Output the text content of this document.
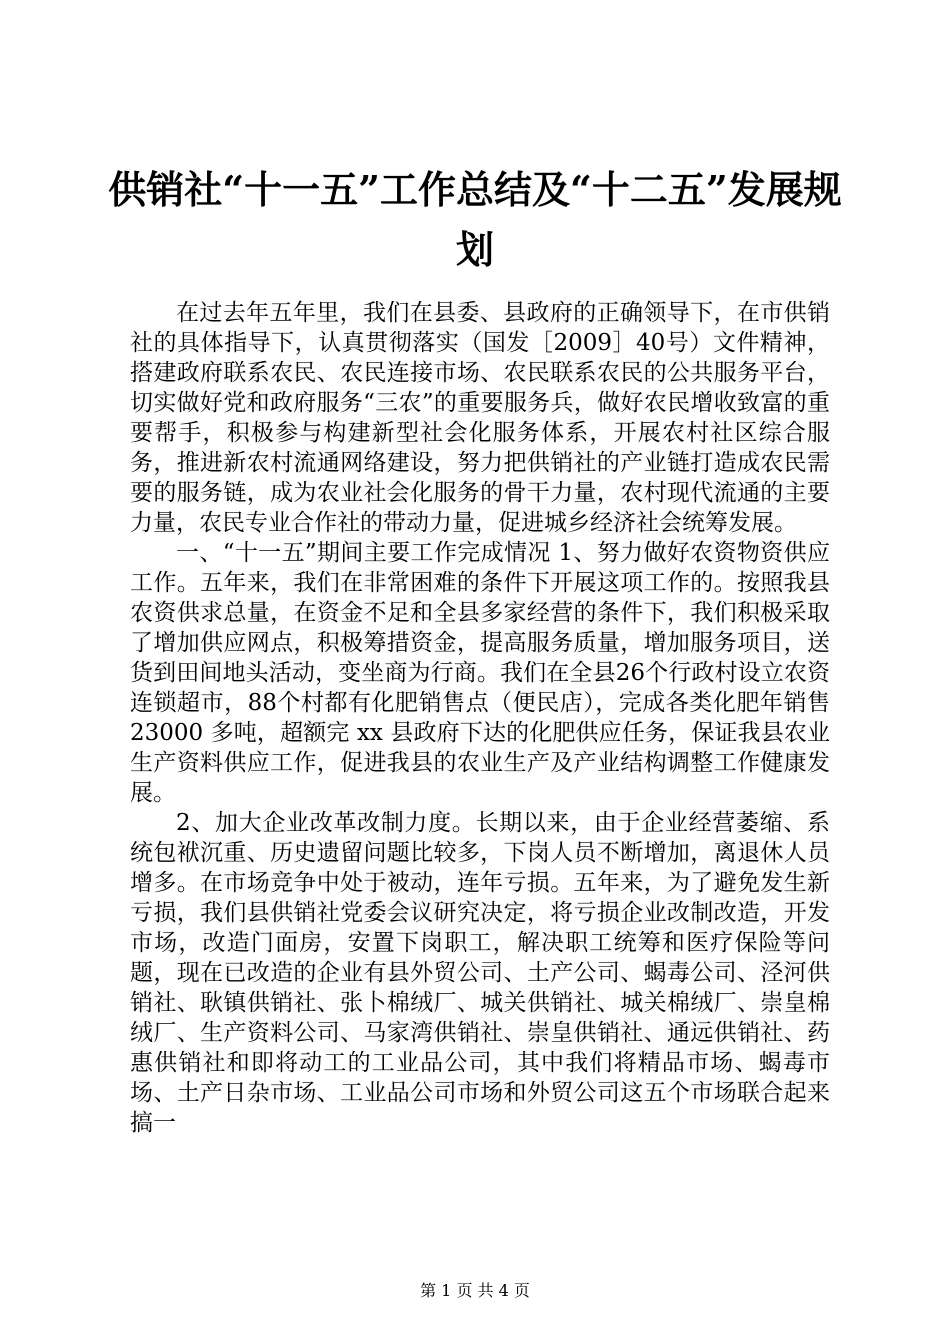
供销社“十一五”工作总结及“十二五”发展规划

在过去年五年里，我们在县委、县政府的正确领导下，在市供销社的具体指导下，认真贯彻落实（国发［2009］40号）文件精神，搭建政府联系农民、农民连接市场、农民联系农民的公共服务平台，切实做好党和政府服务“三农”的重要服务兵，做好农民增收致富的重要帮手，积极参与构建新型社会化服务体系，开展农村社区综合服务，推进新农村流通网络建设，努力把供销社的产业链打造成农民需要的服务链，成为农业社会化服务的骨干力量，农村现代流通的主要力量，农民专业合作社的带动力量，促进城乡经济社会统筹发展。

一、“十一五”期间主要工作完成情况 1、努力做好农资物资供应工作。五年来，我们在非常困难的条件下开展这项工作的。按照我县农资供求总量，在资金不足和全县多家经营的条件下，我们积极采取了增加供应网点，积极筹措资金，提高服务质量，增加服务项目，送货到田间地头活动，变坐商为行商。我们在全县26个行政村设立农资连锁超市，88个村都有化肥销售点（便民店），完成各类化肥年销售 23000 多吨，超额完 xx 县政府下达的化肥供应任务，保证我县农业生产资料供应工作，促进我县的农业生产及产业结构调整工作健康发展。

2、加大企业改革改制力度。长期以来，由于企业经营萎缩、系统包袱沉重、历史遗留问题比较多，下岗人员不断增加，离退休人员增多。在市场竞争中处于被动，连年亏损。五年来，为了避免发生新亏损，我们县供销社党委会议研究决定，将亏损企业改制改造，开发市场，改造门面房，安置下岗职工，解决职工统筹和医疗保险等问题，现在已改造的企业有县外贸公司、土产公司、蝎毒公司、泾河供销社、耿镇供销社、张卜棉绒厂、城关供销社、城关棉绒厂、崇皇棉绒厂、生产资料公司、马家湾供销社、崇皇供销社、通远供销社、药惠供销社和即将动工的工业品公司，其中我们将精品市场、蝎毒市场、土产日杂市场、工业品公司市场和外贸公司这五个市场联合起来搞一

第 1 页 共 4 页
